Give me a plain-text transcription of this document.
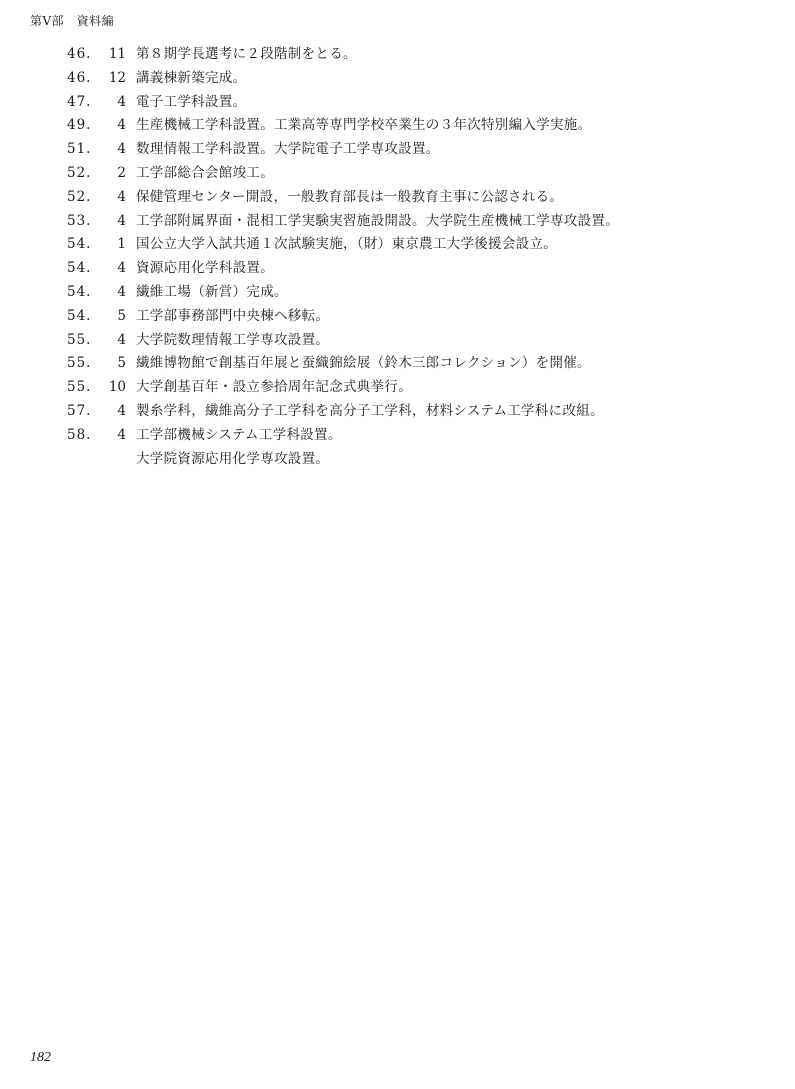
第Ⅴ部　資料編
46.	11 第８期学長選考に２段階制をとる。
46.	12 講義棟新築完成。
47.	4 電子工学科設置。
49.	4 生産機械工学科設置。工業高等専門学校卒業生の３年次特別編入学実施。
51.	4 数理情報工学科設置。大学院電子工学専攻設置。
52.	2 工学部総合会館竣工。
52.	4 保健管理センター開設，一般教育部長は一般教育主事に公認される。
53.	4 工学部附属界面・混相工学実験実習施設開設。大学院生産機械工学専攻設置。
54.	1 国公立大学入試共通１次試験実施，（財）東京農工大学後援会設立。
54.	4 資源応用化学科設置。
54.	4 繊維工場（新営）完成。
54.	5 工学部事務部門中央棟へ移転。
55.	4 大学院数理情報工学専攻設置。
55.	5 繊維博物館で創基百年展と蚕織錦絵展（鈴木三郎コレクション）を開催。
55.	10 大学創基百年・設立参拾周年記念式典挙行。
57.	4 製糸学科，繊維高分子工学科を高分子工学科，材料システム工学科に改組。
58.	4 工学部機械システム工学科設置。
大学院資源応用化学専攻設置。
182
